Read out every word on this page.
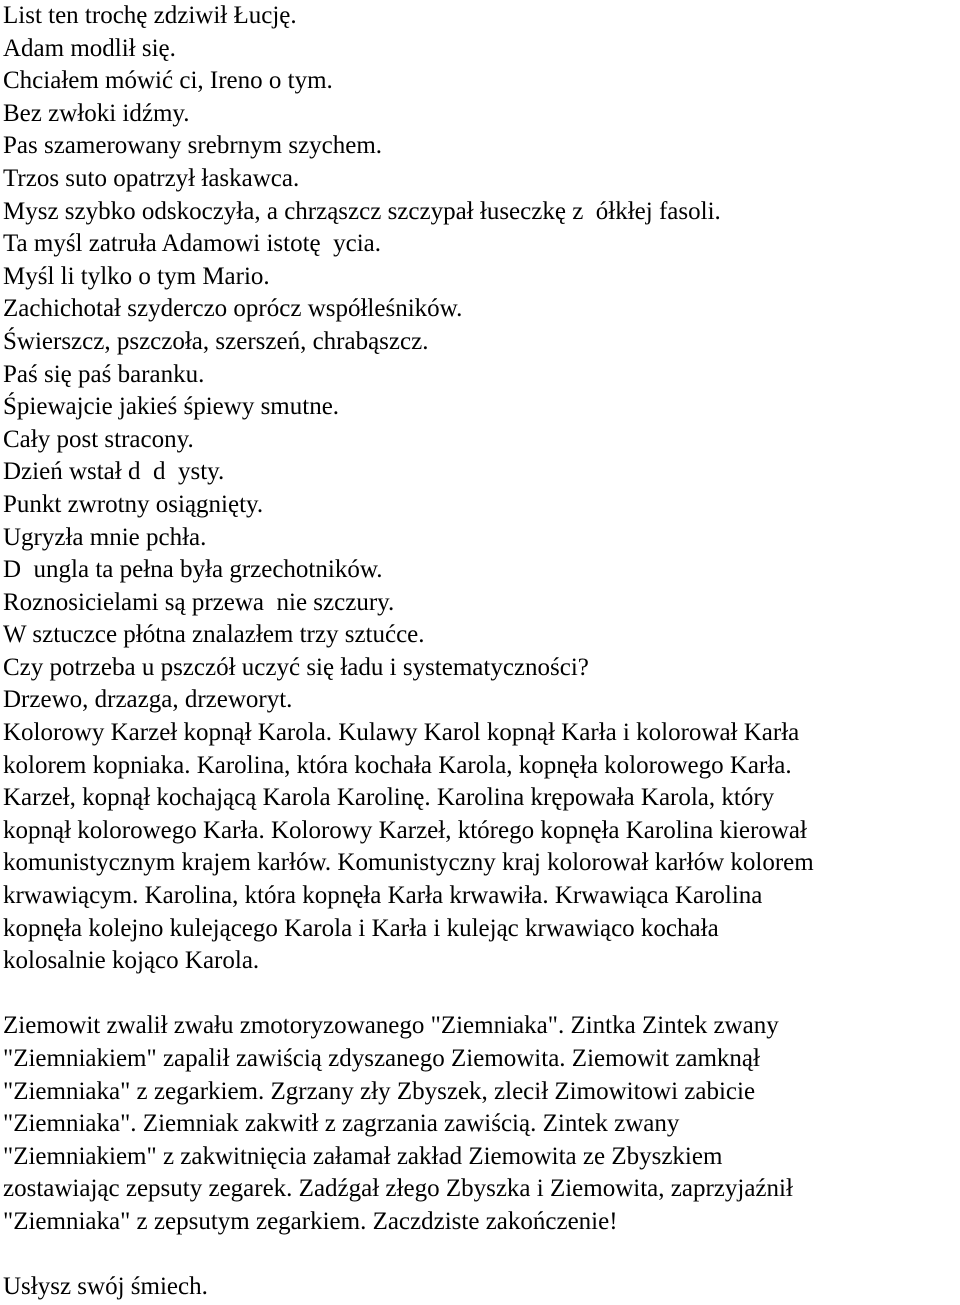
List ten trochę zdziwił Łucję.
Adam modlił się.
Chciałem mówić ci, Ireno o tym.
Bez zwłoki idźmy.
Pas szamerowany srebrnym szychem.
Trzos suto opatrzył łaskawca.
Mysz szybko odskoczyła, a chrząszcz szczypał łuseczkę z  ółkłej fasoli.
Ta myśl zatruła Adamowi istotę  ycia.
Myśl li tylko o tym Mario.
Zachichotał szyderczo oprócz współleśników.
Świerszcz, pszczoła, szerszeń, chrabąszcz.
Paś się paś baranku.
Śpiewajcie jakieś śpiewy smutne.
Cały post stracony.
Dzień wstał d  d  ysty.
Punkt zwrotny osiągnięty.
Ugryzła mnie pchła.
D  ungla ta pełna była grzechotników.
Roznosicielami są przewa  nie szczury.
W sztuczce płótna znalazłem trzy sztućce.
Czy potrzeba u pszczół uczyć się ładu i systematyczności?
Drzewo, drzazga, drzeworyt.
Kolorowy Karzeł kopnął Karola. Kulawy Karol kopnął Karła i kolorował Karła
kolorem kopniaka. Karolina, która kochała Karola, kopnęła kolorowego Karła.
Karzeł, kopnął kochającą Karola Karolinę. Karolina krępowała Karola, który
kopnął kolorowego Karła. Kolorowy Karzeł, którego kopnęła Karolina kierował
komunistycznym krajem karłów. Komunistyczny kraj kolorował karłów kolorem
krwawiącym. Karolina, która kopnęła Karła krwawiła. Krwawiąca Karolina
kopnęła kolejno kulejącego Karola i Karła i kulejąc krwawiąco kochała
kolosalnie kojąco Karola.
Ziemowit zwalił zwału zmotoryzowanego "Ziemniaka". Zintka Zintek zwany
"Ziemniakiem" zapalił zawiścią zdyszanego Ziemowita. Ziemowit zamknął
"Ziemniaka" z zegarkiem. Zgrzany zły Zbyszek, zlecił Zimowitowi zabicie
"Ziemniaka". Ziemniak zakwitł z zagrzania zawiścią. Zintek zwany
"Ziemniakiem" z zakwitnięcia załamał zakład Ziemowita ze Zbyszkiem
zostawiając zepsuty zegarek. Zadźgał złego Zbyszka i Ziemowita, zaprzyjaźnił
"Ziemniaka" z zepsutym zegarkiem. Zaczdziste zakończenie!
Usłysz swój śmiech.
